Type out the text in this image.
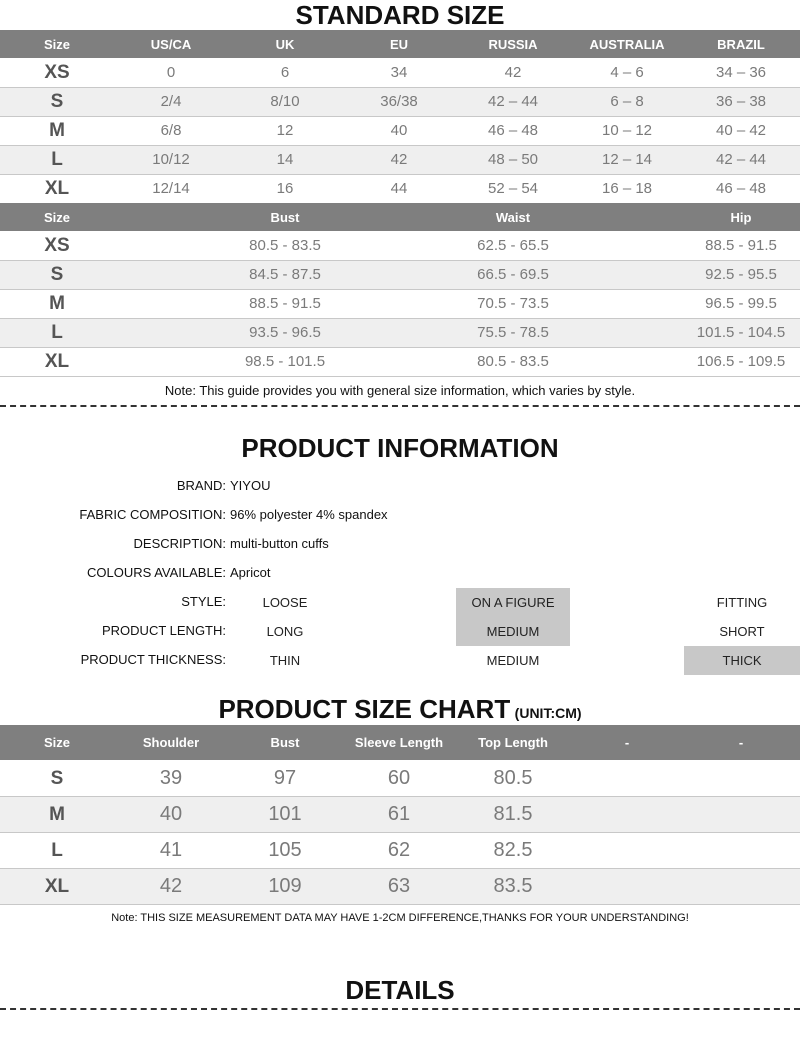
STANDARD SIZE
Size	US/CA	UK	EU	RUSSIA	AUSTRALIA	BRAZIL
XS	0	6	34	42	4 – 6	34 – 36
S	2/4	8/10	36/38	42 – 44	6 – 8	36 – 38
M	6/8	12	40	46 – 48	10 – 12	40 – 42
L	10/12	14	42	48 – 50	12 – 14	42 – 44
XL	12/14	16	44	52 – 54	16 – 18	46 – 48
Size	Bust	Waist	Hip
XS	80.5 - 83.5	62.5 - 65.5	88.5 - 91.5
S	84.5 - 87.5	66.5 - 69.5	92.5 - 95.5
M	88.5 - 91.5	70.5 - 73.5	96.5 - 99.5
L	93.5 - 96.5	75.5 - 78.5	101.5 - 104.5
XL	98.5 - 101.5	80.5 - 83.5	106.5 - 109.5
Note: This guide provides you with general size information, which varies by style.
PRODUCT INFORMATION
BRAND: YIYOU
FABRIC COMPOSITION: 96% polyester 4% spandex
DESCRIPTION: multi-button cuffs
COLOURS AVAILABLE: Apricot
STYLE:	LOOSE	ON A FIGURE	FITTING
PRODUCT LENGTH:	LONG	MEDIUM	SHORT
PRODUCT THICKNESS:	THIN	MEDIUM	THICK
PRODUCT SIZE CHART (UNIT:CM)
Size	Shoulder	Bust	Sleeve Length	Top Length	-	-
S	39	97	60	80.5
M	40	101	61	81.5
L	41	105	62	82.5
XL	42	109	63	83.5
Note: THIS SIZE MEASUREMENT DATA MAY HAVE 1-2CM DIFFERENCE,THANKS FOR YOUR UNDERSTANDING!
DETAILS
